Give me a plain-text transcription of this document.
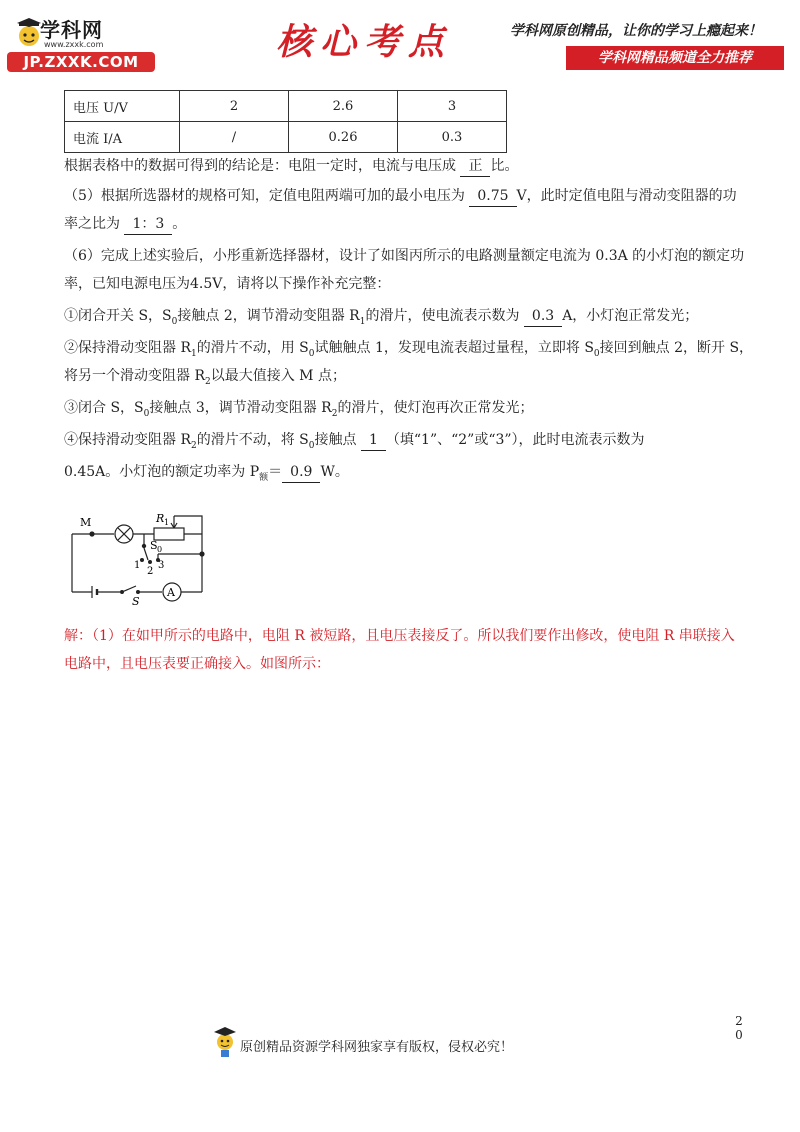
学科网
www.zxxk.com
JP.ZXXK.COM	核心考点	学科网原创精品，让你的学习上瘾起来！
学科网精品频道全力推荐
电压 U/V	2	2.6	3
电流 I/A	/	0.26	0.3
根据表格中的数据可得到的结论是：电阻一定时，电流与电压成 正 比。
（5）根据所选器材的规格可知，定值电阻两端可加的最小电压为 0.75 V，此时定值电阻与滑动变阻器的功
率之比为 1：3 。
（6）完成上述实验后，小彤重新选择器材，设计了如图丙所示的电路测量额定电流为 0.3A 的小灯泡的额定功
率，已知电源电压为4.5V，请将以下操作补充完整：
①闭合开关 S，$S_0$接触点 2，调节滑动变阻器 $R_1$的滑片，使电流表示数为 0.3 A，小灯泡正常发光；
②保持滑动变阻器 $R_1$的滑片不动，用 $S_0$试触触点 1，发现电流表超过量程，立即将 $S_0$接回到触点 2，断开 S，
将另一个滑动变阻器 $R_2$以最大值接入 M 点；
③闭合 S，$S_0$接触点 3，调节滑动变阻器 $R_2$的滑片，使灯泡再次正常发光；
④保持滑动变阻器 $R_2$的滑片不动，将 $S_0$接触点 1 （填“1”、“2”或“3”），此时电流表示数为
0.45A。小灯泡的额定功率为 $P_额= 0.9$ W。
M	R 1
S 0
1
2
3
S
A
解：（1）在如甲所示的电路中，电阻 R 被短路，且电压表接反了。所以我们要作出修改，使电阻 R 串联接入
电路中，且电压表要正确接入。如图所示：
原创精品资源学科网独家享有版权，侵权必究！
2
0
